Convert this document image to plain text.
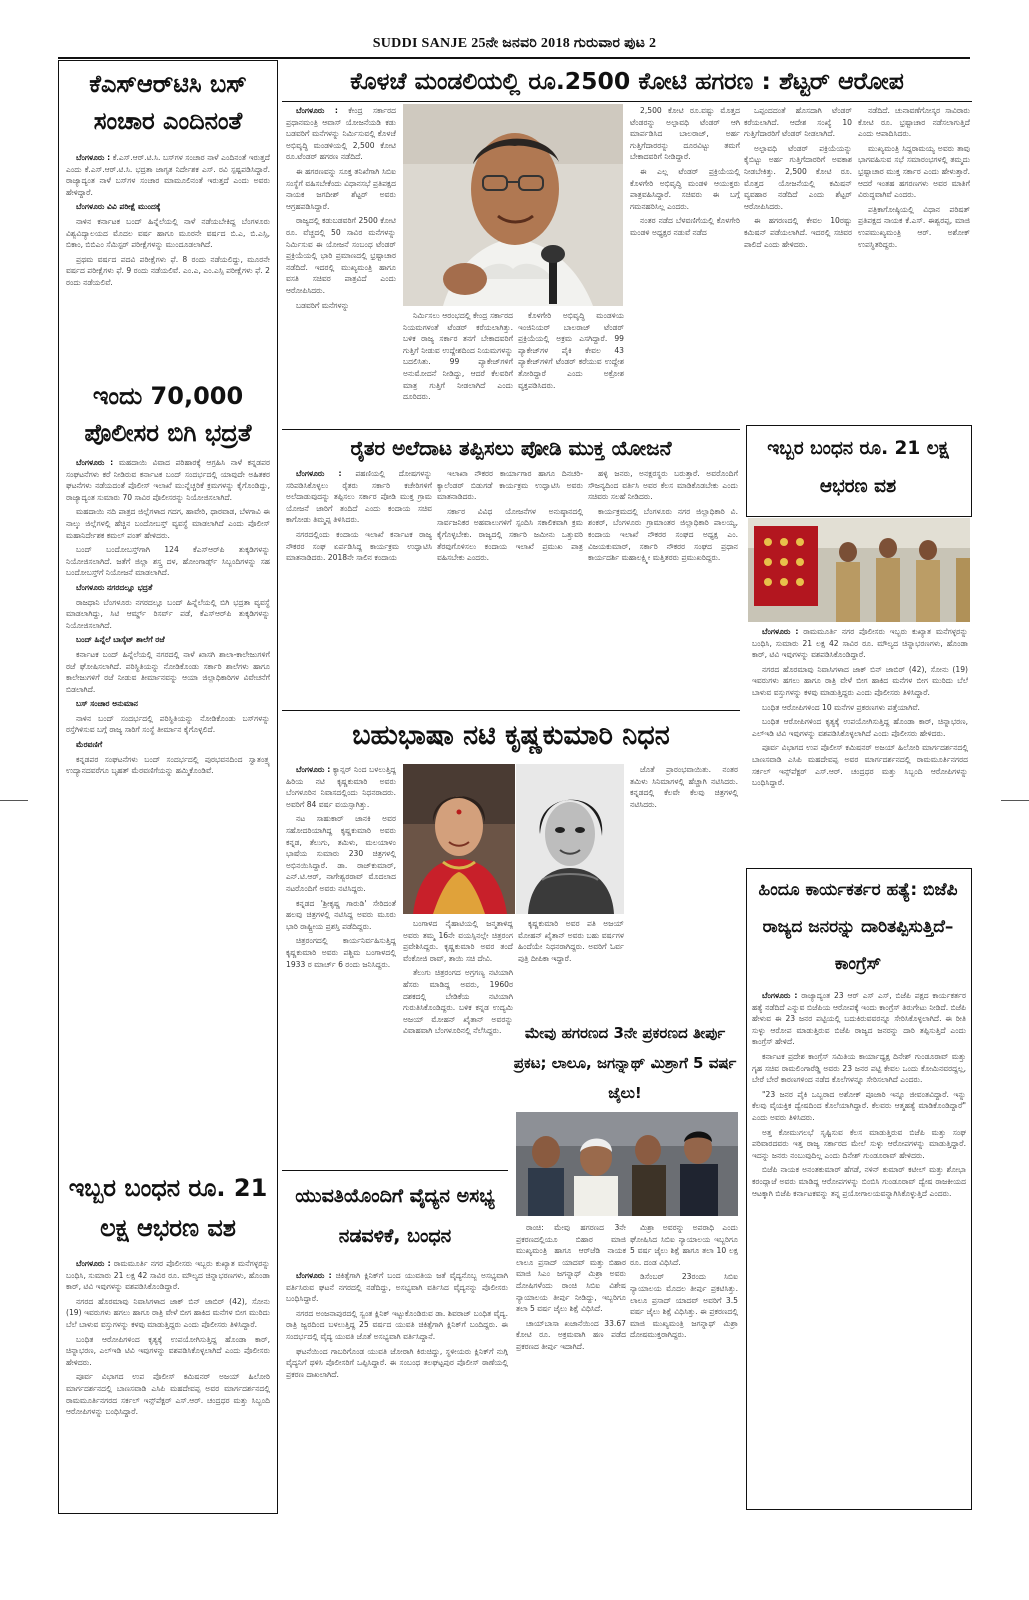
SUDDI SANJE 25ನೇ ಜನವರಿ 2018 ಗುರುವಾರ ಪುಟ 2
ಕೆಎಸ್‌ಆರ್‌ಟಿಸಿ ಬಸ್ ಸಂಚಾರ ಎಂದಿನಂತೆ

ಬೆಂಗಳೂರು : ಕೆ.ಎಸ್.ಆರ್.ಟಿ.ಸಿ. ಬಸ್‌ಗಳ ಸಂಚಾರ ನಾಳೆ ಎಂದಿನಂತೆ ಇರುತ್ತದೆ ಎಂದು ಕೆ.ಎಸ್.ಆರ್.ಟಿ.ಸಿ. ಭದ್ರತಾ ಜಾಗೃತ ನಿರ್ದೇಶಕ ಎಸ್. ರವಿ ಸ್ಪಷ್ಟಪಡಿಸಿದ್ದಾರೆ. ರಾಜ್ಯಾದ್ಯಂತ ನಾಳೆ ಬಸ್‌ಗಳ ಸಂಚಾರ ಮಾಮೂಲಿನಂತೆ ಇರುತ್ತದೆ ಎಂದು ಅವರು ಹೇಳಿದ್ದಾರೆ.

ಬೆಂಗಳೂರು ವಿವಿ ಪರೀಕ್ಷೆ ಮುಂದಕ್ಕೆ

ನಾಳಿನ ಕರ್ನಾಟಕ ಬಂದ್ ಹಿನ್ನೆಲೆಯಲ್ಲಿ ನಾಳೆ ನಡೆಯಬೇಕಿದ್ದ ಬೆಂಗಳೂರು ವಿಶ್ವವಿದ್ಯಾಲಯದ ಮೊದಲ ವರ್ಷ ಹಾಗೂ ಮೂರನೇ ವರ್ಷದ ಬಿ.ಎ, ಬಿ.ಎಸ್ಸಿ, ಬಿಕಾಂ, ಬಿಬಿಎಂ ಸೆಮಿಸ್ಟರ್ ಪರೀಕ್ಷೆಗಳನ್ನು ಮುಂದೂಡಲಾಗಿದೆ.

ಪ್ರಥಮ ವರ್ಷದ ಪದವಿ ಪರೀಕ್ಷೆಗಳು ಫೆ. 8 ರಂದು ನಡೆಯಲಿದ್ದು, ಮೂರನೇ ವರ್ಷದ ಪರೀಕ್ಷೆಗಳು ಫೆ. 9 ರಂದು ನಡೆಯಲಿವೆ. ಎಂ.ಎ, ಎಂ.ಎಸ್ಸಿ ಪರೀಕ್ಷೆಗಳು ಫೆ. 2 ರಂದು ನಡೆಯಲಿವೆ.

ಇಂದು 70,000 ಪೊಲೀಸರ ಬಿಗಿ ಭದ್ರತೆ

ಬೆಂಗಳೂರು : ಮಹದಾಯಿ ವಿವಾದ ಪರಿಹಾರಕ್ಕೆ ಆಗ್ರಹಿಸಿ ನಾಳೆ ಕನ್ನಡಪರ ಸಂಘಟನೆಗಳು ಕರೆ ನೀಡಿರುವ ಕರ್ನಾಟಕ ಬಂದ್ ಸಂದರ್ಭದಲ್ಲಿ ಯಾವುದೇ ಅಹಿತಕರ ಘಟನೆಗಳು ನಡೆಯದಂತೆ ಪೊಲೀಸ್ ಇಲಾಖೆ ಮುನ್ನೆಚ್ಚರಿಕೆ ಕ್ರಮಗಳನ್ನು ಕೈಗೊಂಡಿದ್ದು, ರಾಜ್ಯಾದ್ಯಂತ ಸುಮಾರು 70 ಸಾವಿರ ಪೊಲೀಸರನ್ನು ನಿಯೋಜಿಸಲಾಗಿದೆ.

ಮಹದಾಯಿ ನದಿ ಪಾತ್ರದ ಜಿಲ್ಲೆಗಳಾದ ಗದಗ, ಹಾವೇರಿ, ಧಾರವಾಡ, ಬೆಳಗಾವಿ ಈ ನಾಲ್ಕು ಜಿಲ್ಲೆಗಳಲ್ಲಿ ಹೆಚ್ಚಿನ ಬಂದೋಬಸ್ತ್ ವ್ಯವಸ್ಥೆ ಮಾಡಲಾಗಿದೆ ಎಂದು ಪೊಲೀಸ್ ಮಹಾನಿರ್ದೇಶಕ ಕಮಲ್ ಪಂತ್ ಹೇಳಿದರು.

ಬಂದ್ ಬಂದೋಬಸ್ತ್‌ಗಾಗಿ 124 ಕೆಎಸ್‌ಆರ್‌ಪಿ ತುಕ್ಕಡಿಗಳನ್ನು ನಿಯೋಜಿಸಲಾಗಿದೆ. ಜತೆಗೆ ಜಿಲ್ಲಾ ಶಸ್ತ್ರ ದಳ, ಹೋಂಗಾರ್ಡ್ಸ್ ಸಿಬ್ಬಂದಿಗಳನ್ನು ಸಹ ಬಂದೋಬಸ್ತ್‌ಗೆ ನಿಯೋಜನೆ ಮಾಡಲಾಗಿದೆ.

ಬೆಂಗಳೂರು ನಗರದಲ್ಲೂ ಭದ್ರತೆ

ರಾಜಧಾನಿ ಬೆಂಗಳೂರು ನಗರದಲ್ಲೂ ಬಂದ್ ಹಿನ್ನೆಲೆಯಲ್ಲಿ ಬಿಗಿ ಭದ್ರತಾ ವ್ಯವಸ್ಥೆ ಮಾಡಲಾಗಿದ್ದು, ಸಿಟಿ ಆರ್ಮ್ಡ್ ರಿಸರ್ವ್ ಪಡೆ, ಕೆಎಸ್‌ಆರ್‌ಪಿ ತುಕ್ಕಡಿಗಳನ್ನು ನಿಯೋಜಿಸಲಾಗಿದೆ.

ಬಂದ್ ಹಿನ್ನೆಲೆ ಬಾಸ್ಕೆಟ್ ಶಾಲೆಗೆ ರಜೆ

ಕರ್ನಾಟಕ ಬಂದ್ ಹಿನ್ನೆಲೆಯಲ್ಲಿ ನಗರದಲ್ಲಿ ನಾಳೆ ಖಾಸಗಿ ಶಾಲಾ-ಕಾಲೇಜುಗಳಿಗೆ ರಜೆ ಘೋಷಿಸಲಾಗಿದೆ. ಪರಿಸ್ಥಿತಿಯನ್ನು ನೋಡಿಕೊಂಡು ಸರ್ಕಾರಿ ಶಾಲೆಗಳು ಹಾಗೂ ಕಾಲೇಜುಗಳಿಗೆ ರಜೆ ನೀಡುವ ತೀರ್ಮಾನವನ್ನು ಆಯಾ ಜಿಲ್ಲಾಧಿಕಾರಿಗಳ ವಿವೇಚನೆಗೆ ಬಿಡಲಾಗಿದೆ.

ಬಸ್ ಸಂಚಾರ ಅನುಮಾನ

ನಾಳಿನ ಬಂದ್ ಸಂದರ್ಭದಲ್ಲಿ ಪರಿಸ್ಥಿತಿಯನ್ನು ನೋಡಿಕೊಂಡು ಬಸ್‌ಗಳನ್ನು ರಸ್ತೆಗಿಳಿಸುವ ಬಗ್ಗೆ ರಾಜ್ಯ ಸಾರಿಗೆ ಸಂಸ್ಥೆ ತೀರ್ಮಾನ ಕೈಗೊಳ್ಳಲಿದೆ.

ಮೆರವಣಿಗೆ

ಕನ್ನಡಪರ ಸಂಘಟನೆಗಳು ಬಂದ್ ಸಂದರ್ಭದಲ್ಲಿ ಪುರಭವನದಿಂದ ಸ್ವಾತಂತ್ರ್ಯ ಉದ್ಯಾನದವರೆಗೂ ಬೃಹತ್ ಮೆರವಣಿಗೆಯನ್ನು ಹಮ್ಮಿಕೊಂಡಿವೆ.

ಇಬ್ಬರ ಬಂಧನ ರೂ. 21 ಲಕ್ಷ ಆಭರಣ ವಶ

ಬೆಂಗಳೂರು : ರಾಮಮೂರ್ತಿ ನಗರ ಪೊಲೀಸರು ಇಬ್ಬರು ಕುಖ್ಯಾತ ಮನೆಗಳ್ಳರನ್ನು ಬಂಧಿಸಿ, ಸುಮಾರು 21 ಲಕ್ಷ 42 ಸಾವಿರ ರೂ. ಮೌಲ್ಯದ ಚಿನ್ನಾಭರಣಗಳು, ಹೊಂಡಾ ಕಾರ್, ಟಿವಿ ಇವುಗಳನ್ನು ವಶಪಡಿಸಿಕೊಂಡಿದ್ದಾರೆ.

ನಗರದ ಹೊರಮಾವು ನಿವಾಸಿಗಳಾದ ಜಾಕ್ ಬಿನ್ ಜಾಬಿರ್ (42), ಸೋನು (19) ಇವರುಗಳು ಹಗಲು ಹಾಗೂ ರಾತ್ರಿ ವೇಳೆ ಬೀಗ ಹಾಕಿದ ಮನೆಗಳ ಬೀಗ ಮುರಿದು ಬೆಲೆ ಬಾಳುವ ವಸ್ತುಗಳನ್ನು ಕಳವು ಮಾಡುತ್ತಿದ್ದರು ಎಂದು ಪೊಲೀಸರು ತಿಳಿಸಿದ್ದಾರೆ.

ಬಂಧಿತ ಆರೋಪಿಗಳಿಂದ ಕೃತ್ಯಕ್ಕೆ ಉಪಯೋಗಿಸುತ್ತಿದ್ದ ಹೊಂಡಾ ಕಾರ್, ಚಿನ್ನಾಭರಣ, ಎಲ್‌ಇಡಿ ಟಿವಿ ಇವುಗಳನ್ನು ವಶಪಡಿಸಿಕೊಳ್ಳಲಾಗಿದೆ ಎಂದು ಪೊಲೀಸರು ಹೇಳಿದರು.

ಪೂರ್ವ ವಿಭಾಗದ ಉಪ ಪೊಲೀಸ್ ಕಮಿಷನರ್ ಅಜಯ್ ಹಿಲೋರಿ ಮಾರ್ಗದರ್ಶನದಲ್ಲಿ ಬಾಣಸವಾಡಿ ಎಸಿಪಿ ಮಹದೇವಪ್ಪ ಅವರ ಮಾರ್ಗದರ್ಶನದಲ್ಲಿ ರಾಮಮೂರ್ತಿನಗರದ ಸರ್ಕಲ್ ಇನ್ಸ್‌ಪೆಕ್ಟರ್ ಎಸ್.ಆರ್. ಚಂದ್ರಧರ ಮತ್ತು ಸಿಬ್ಬಂದಿ ಆರೋಪಿಗಳನ್ನು ಬಂಧಿಸಿದ್ದಾರೆ.

ಕೊಳಚೆ ಮಂಡಲಿಯಲ್ಲಿ ರೂ.2500 ಕೋಟಿ ಹಗರಣ : ಶೆಟ್ಟರ್ ಆರೋಪ

ಬೆಂಗಳೂರು : ಕೇಂದ್ರ ಸರ್ಕಾರದ ಪ್ರಧಾನಮಂತ್ರಿ ಆವಾಸ್ ಯೋಜನೆಯಡಿ ಕಡು ಬಡವರಿಗೆ ಮನೆಗಳನ್ನು ನಿರ್ಮಿಸುವಲ್ಲಿ ಕೊಳಚೆ ಅಭಿವೃದ್ಧಿ ಮಂಡಳಿಯಲ್ಲಿ 2,500 ಕೋಟಿ ರೂ.ಟೆಂಡರ್ ಹಗರಣ ನಡೆದಿದೆ.

ಈ ಹಗರಣವನ್ನು ಸೂಕ್ತ ತನಿಖೆಗಾಗಿ ಸಿಬಿಐ ಸಂಸ್ಥೆಗೆ ವಹಿಸಬೇಕೆಂದು ವಿಧಾನಸಭೆ ಪ್ರತಿಪಕ್ಷದ ನಾಯಕ ಜಗದೀಶ್ ಶೆಟ್ಟರ್ ಅವರು ಆಗ್ರಹಪಡಿಸಿದ್ದಾರೆ.

ರಾಜ್ಯದಲ್ಲಿ ಕಡುಬಡವರಿಗೆ 2500 ಕೋಟಿ ರೂ. ವೆಚ್ಚದಲ್ಲಿ 50 ಸಾವಿರ ಮನೆಗಳನ್ನು ನಿರ್ಮಿಸುವ ಈ ಯೋಜನೆ ಸಂಬಂಧ ಟೆಂಡರ್ ಪ್ರಕ್ರಿಯೆಯಲ್ಲಿ ಭಾರಿ ಪ್ರಮಾಣದಲ್ಲಿ ಭ್ರಷ್ಟಾಚಾರ ನಡೆದಿದೆ. ಇದರಲ್ಲಿ ಮುಖ್ಯಮಂತ್ರಿ ಹಾಗೂ ವಸತಿ ಸಚಿವರ ಪಾತ್ರವಿದೆ ಎಂದು ಆರೋಪಿಸಿದರು.

ಬಡವರಿಗೆ ಮನೆಗಳನ್ನು

ನಿರ್ಮಿಸಲು ಆರಂಭದಲ್ಲಿ ಕೇಂದ್ರ ಸರ್ಕಾರದ ನಿಯಮಗಳಂತೆ ಟೆಂಡರ್ ಕರೆಯಲಾಗಿತ್ತು. ಬಳಿಕ ರಾಜ್ಯ ಸರ್ಕಾರ ತನಗೆ ಬೇಕಾದವರಿಗೆ ಗುತ್ತಿಗೆ ನೀಡುವ ಉದ್ದೇಶದಿಂದ ನಿಯಮಗಳನ್ನು ಬದಲಿಸಿತು. 99 ಪ್ಯಾಕೇಜ್‌ಗಳಿಗೆ ಅನುಮೋದನೆ ನೀಡಿದ್ದು, ಆದರೆ ಕೆಲವರಿಗೆ ಮಾತ್ರ ಗುತ್ತಿಗೆ ನೀಡಲಾಗಿದೆ ಎಂದು ದೂರಿದರು.

ಕೊಳಗೇರಿ ಅಭಿವೃದ್ಧಿ ಮಂಡಳಿಯ ಇಂಜಿನಿಯರ್ ಬಾಲರಾಜ್ ಟೆಂಡರ್ ಪ್ರಕ್ರಿಯೆಯಲ್ಲಿ ಅಕ್ರಮ ಎಸಗಿದ್ದಾರೆ. 99 ಪ್ಯಾಕೇಜ್‌ಗಳ ಪೈಕಿ ಕೇವಲ 43 ಪ್ಯಾಕೇಜ್‌ಗಳಿಗೆ ಟೆಂಡರ್ ಕರೆಯುವ ಉದ್ದೇಶ ತೋರಿದ್ದಾರೆ ಎಂದು ಅಕ್ರೋಶ ವ್ಯಕ್ತಪಡಿಸಿದರು.

2,500 ಕೋಟಿ ರೂ.ವಷ್ಟು ಮೊತ್ತದ ಟೆಂಡರನ್ನು ಅಲ್ಪಾವಧಿ ಟೆಂಡರ್ ಆಗಿ ಮಾರ್ಪಡಿಸಿದ ಬಾಲರಾಜ್, ಅರ್ಹ ಗುತ್ತಿಗೆದಾರರನ್ನು ದೂರವಿಟ್ಟು ತಮಗೆ ಬೇಕಾದವರಿಗೆ ನೀಡಿದ್ದಾರೆ.

ಈ ಎಲ್ಲ ಟೆಂಡರ್ ಪ್ರಕ್ರಿಯೆಯಲ್ಲಿ ಕೊಳಗೇರಿ ಅಭಿವೃದ್ಧಿ ಮಂಡಳಿ ಆಯುಕ್ತರು ಪಾತ್ರವಹಿಸಿದ್ದಾರೆ. ಸಚಿವರು ಈ ಬಗ್ಗೆ ಗಮನಹರಿಸಿಲ್ಲ ಎಂದರು.

ನಂತರ ನಡೆದ ಬೆಳವಣಿಗೆಯಲ್ಲಿ ಕೊಳಗೇರಿ ಮಂಡಳಿ ಅಧ್ಯಕ್ಷರ ನಡುವೆ ನಡೆದ

ಒಪ್ಪಂದದಂತೆ ಹೊಸದಾಗಿ ಟೆಂಡರ್ ಕರೆಯಲಾಗಿದೆ. ಆದೇಶ ಸಂಖ್ಯೆ 10 ಗುತ್ತಿಗೆದಾರರಿಗೆ ಟೆಂಡರ್ ನೀಡಲಾಗಿದೆ.

ಅಲ್ಪಾವಧಿ ಟೆಂಡರ್ ಪಕ್ರಿಯೆಯನ್ನು ಕೈಬಿಟ್ಟು ಅರ್ಹ ಗುತ್ತಿಗೆದಾರರಿಗೆ ಅವಕಾಶ ನೀಡಬೇಕಿತ್ತು. 2,500 ಕೋಟಿ ರೂ. ಮೊತ್ತದ ಯೋಜನೆಯಲ್ಲಿ ಕಮಿಷನ್ ವ್ಯವಹಾರ ನಡೆದಿದೆ ಎಂದು ಶೆಟ್ಟರ್ ಆರೋಪಿಸಿದರು.

ಈ ಹಗರಣದಲ್ಲಿ ಕೇವಲ 10ರಷ್ಟು ಕಮಿಷನ್ ಪಡೆಯಲಾಗಿದೆ. ಇದರಲ್ಲಿ ಸಚಿವರ ಪಾಲಿದೆ ಎಂದು ಹೇಳಿದರು.

ನಡೆದಿದೆ. ಚುನಾವಣೆಗೋಸ್ಕರ ಸಾವಿರಾರು ಕೋಟಿ ರೂ. ಭ್ರಷ್ಟಾಚಾರ ನಡೆಸಲಾಗುತ್ತಿದೆ ಎಂದು ಆಪಾದಿಸಿದರು.

ಮುಖ್ಯಮಂತ್ರಿ ಸಿದ್ದರಾಮಯ್ಯ ಅವರು ತಾವು ಭಾಗವಹಿಸುವ ಸಭೆ ಸಮಾರಂಭಗಳಲ್ಲಿ ತಮ್ಮದು ಭ್ರಷ್ಟಾಚಾರ ಮುಕ್ತ ಸರ್ಕಾರ ಎಂದು ಹೇಳುತ್ತಾರೆ. ಆದರೆ ಇಂತಹ ಹಗರಣಗಳು ಅವರ ಮಾತಿಗೆ ವಿರುದ್ಧವಾಗಿವೆ ಎಂದರು.

ಪತ್ರಿಕಾಗೋಷ್ಠಿಯಲ್ಲಿ ವಿಧಾನ ಪರಿಷತ್ ಪ್ರತಿಪಕ್ಷದ ನಾಯಕ ಕೆ.ಎಸ್. ಈಶ್ವರಪ್ಪ, ಮಾಜಿ ಉಪಮುಖ್ಯಮಂತ್ರಿ ಆರ್. ಅಶೋಕ್ ಉಪಸ್ಥಿತರಿದ್ದರು.

ರೈತರ ಅಲೆದಾಟ ತಪ್ಪಿಸಲು ಪೋಡಿ ಮುಕ್ತ ಯೋಜನೆ

ಬೆಂಗಳೂರು : ಪಹಣಿಯಲ್ಲಿ ದೋಷಗಳನ್ನು ಸರಿಪಡಿಸಿಕೊಳ್ಳಲು ರೈತರು ಸರ್ಕಾರಿ ಕಚೇರಿಗಳಿಗೆ ಅಲೆದಾಡುವುದನ್ನು ತಪ್ಪಿಸಲು ಸರ್ಕಾರ ಪೋಡಿ ಮುಕ್ತ ಗ್ರಾಮ ಯೋಜನೆ ಜಾರಿಗೆ ತಂದಿದೆ ಎಂದು ಕಂದಾಯ ಸಚಿವ ಕಾಗೋಡು ತಿಮ್ಮಪ್ಪ ತಿಳಿಸಿದರು.

ನಗರದಲ್ಲಿಂದು ಕಂದಾಯ ಇಲಾಖೆ ಕರ್ನಾಟಕ ರಾಜ್ಯ ನೌಕರರ ಸಂಘ ಏರ್ಪಡಿಸಿದ್ದ ಕಾರ್ಯಕ್ರಮ ಉದ್ಘಾಟಿಸಿ ಮಾತನಾಡಿದರು. 2018ನೇ ಸಾಲಿನ ಕಂದಾಯ

ಇಲಾಖಾ ನೌಕರರ ಕಾರ್ಯಾಗಾರ ಹಾಗೂ ದಿನಚರಿ-ಕ್ಯಾಲೆಂಡರ್ ಬಿಡುಗಡೆ ಕಾರ್ಯಕ್ರಮ ಉದ್ಘಾಟಿಸಿ ಅವರು ಮಾತನಾಡಿದರು.

ಸರ್ಕಾರ ವಿವಿಧ ಯೋಜನೆಗಳ ಅನುಷ್ಠಾನದಲ್ಲಿ ಸಾರ್ವಜನಿಕರ ಅಹವಾಲುಗಳಿಗೆ ಸ್ಪಂದಿಸಿ ಸಕಾಲಿಕವಾಗಿ ಕ್ರಮ ಕೈಗೊಳ್ಳಬೇಕು. ರಾಜ್ಯದಲ್ಲಿ ಸರ್ಕಾರಿ ಜಮೀನು ಒತ್ತುವರಿ ತೆರವುಗೊಳಿಸಲು ಕಂದಾಯ ಇಲಾಖೆ ಪ್ರಮುಖ ಪಾತ್ರ ವಹಿಸಬೇಕು ಎಂದರು.

ಹಳ್ಳಿ ಜನರು, ಅನಕ್ಷರಸ್ಥರು ಬರುತ್ತಾರೆ. ಅವರೊಂದಿಗೆ ಸೌಜನ್ಯದಿಂದ ವರ್ತಿಸಿ ಅವರ ಕೆಲಸ ಮಾಡಿಕೊಡಬೇಕು ಎಂದು ಸಚಿವರು ಸಲಹೆ ನೀಡಿದರು.

ಕಾರ್ಯಕ್ರಮದಲ್ಲಿ ಬೆಂಗಳೂರು ನಗರ ಜಿಲ್ಲಾಧಿಕಾರಿ ವಿ. ಶಂಕರ್, ಬೆಂಗಳೂರು ಗ್ರಾಮಾಂತರ ಜಿಲ್ಲಾಧಿಕಾರಿ ಪಾಲಯ್ಯ, ಕಂದಾಯ ಇಲಾಖೆ ನೌಕರರ ಸಂಘದ ಅಧ್ಯಕ್ಷ ಎಂ. ವಿಜಯಕುಮಾರ್, ಸರ್ಕಾರಿ ನೌಕರರ ಸಂಘದ ಪ್ರಧಾನ ಕಾರ್ಯದರ್ಶಿ ಮಹಾಲಕ್ಷ್ಮೀ ಮತ್ತಿತರರು ಪ್ರಮುಖರಿದ್ದರು.

ಬಹುಭಾಷಾ ನಟಿ ಕೃಷ್ಣಕುಮಾರಿ ನಿಧನ

ಬೆಂಗಳೂರು : ಕ್ಯಾನ್ಸರ್ ನಿಂದ ಬಳಲುತ್ತಿದ್ದ ಹಿರಿಯ ನಟಿ ಕೃಷ್ಣಕುಮಾರಿ ಅವರು ಬೆಂಗಳೂರಿನ ನಿವಾಸದಲ್ಲಿಂದು ನಿಧನರಾದರು. ಅವರಿಗೆ 84 ವರ್ಷ ವಯಸ್ಸಾಗಿತ್ತು.

ನಟ ಸಾಹುಕಾರ್ ಜಾನಕಿ ಅವರ ಸಹೋದರಿಯಾಗಿದ್ದ ಕೃಷ್ಣಕುಮಾರಿ ಅವರು ಕನ್ನಡ, ತೆಲುಗು, ತಮಿಳು, ಮಲಯಾಳಂ ಭಾಷೆಯ ಸುಮಾರು 230 ಚಿತ್ರಗಳಲ್ಲಿ ಅಭಿನಯಿಸಿದ್ದಾರೆ. ಡಾ. ರಾಜ್‌ಕುಮಾರ್, ಎನ್.ಟಿ.ಆರ್, ನಾಗೇಶ್ವರರಾವ್ ಮೊದಲಾದ ನಟರೊಂದಿಗೆ ಅವರು ನಟಿಸಿದ್ದರು.

ಕನ್ನಡದ 'ಶ್ರೀಕೃಷ್ಣ ಗಾರುಡಿ' ಸೇರಿದಂತೆ ಹಲವು ಚಿತ್ರಗಳಲ್ಲಿ ನಟಿಸಿದ್ದ ಅವರು ಮೂರು ಭಾರಿ ರಾಷ್ಟ್ರೀಯ ಪ್ರಶಸ್ತಿ ಪಡೆದಿದ್ದರು.

ಚಿತ್ರರಂಗದಲ್ಲಿ ಕಾರ್ಯನಿರ್ವಹಿಸುತ್ತಿದ್ದ ಕೃಷ್ಣಕುಮಾರಿ ಅವರು ಪಶ್ಚಿಮ ಬಂಗಾಳದಲ್ಲಿ 1933 ರ ಮಾರ್ಚ್ 6 ರಂದು ಜನಿಸಿದ್ದರು.

ಬಂಗಾಳದ ನೈಹಾಟಿಯಲ್ಲಿ ಜನ್ಮತಾಳಿದ್ದ ಅವರು ತಮ್ಮ 16ನೇ ವಯಸ್ಸಿನಲ್ಲೇ ಚಿತ್ರರಂಗ ಪ್ರವೇಶಿಸಿದ್ದರು. ಕೃಷ್ಣಕುಮಾರಿ ಅವರ ತಂದೆ ವೆಂಕೋಜಿ ರಾವ್, ತಾಯಿ ಸಚಿ ದೇವಿ.

ತೆಲುಗು ಚಿತ್ರರಂಗದ ಅಗ್ರಗಣ್ಯ ನಟಿಯಾಗಿ ಹೆಸರು ಮಾಡಿದ್ದ ಅವರು, 1960ರ ದಶಕದಲ್ಲಿ ಬೇಡಿಕೆಯ ನಟಿಯಾಗಿ ಗುರುತಿಸಿಕೊಂಡಿದ್ದರು. ಬಳಿಕ ಕನ್ನಡ ಉದ್ಯಮಿ ಅಜಯ್ ಮೋಹನ್ ಖೈತಾನ್ ಅವರನ್ನು ವಿವಾಹವಾಗಿ ಬೆಂಗಳೂರಿನಲ್ಲಿ ನೆಲೆಸಿದ್ದರು.

ಕೃಷ್ಣಕುಮಾರಿ ಅವರ ಪತಿ ಅಜಯ್ ಮೋಹನ್ ಖೈತಾನ್ ಅವರು ಬಹು ವರ್ಷಗಳ ಹಿಂದೆಯೇ ನಿಧನರಾಗಿದ್ದರು. ಅವರಿಗೆ ಓರ್ವ ಪುತ್ರಿ ದೀಪಿಕಾ ಇದ್ದಾರೆ.

ಜೊತೆ ಪ್ರಾರಂಭವಾಯಿತು. ನಂತರ ತಮಿಳು ಸಿನಿಮಾಗಳಲ್ಲಿ ಹೆಚ್ಚಾಗಿ ನಟಿಸಿದರು. ಕನ್ನಡದಲ್ಲಿ ಕೆಲವೇ ಕೆಲವು ಚಿತ್ರಗಳಲ್ಲಿ ನಟಿಸಿದರು.

ಮೇವು ಹಗರಣದ 3ನೇ ಪ್ರಕರಣದ ತೀರ್ಪು ಪ್ರಕಟ; ಲಾಲೂ, ಜಗನ್ನಾಥ್ ಮಿಶ್ರಾಗೆ 5 ವರ್ಷ ಜೈಲು!

ರಾಂಚಿ: ಮೇವು ಹಗರಣದ 3ನೇ ಪ್ರಕರಣದಲ್ಲಿಯೂ ಬಿಹಾರ ಮಾಜಿ ಮುಖ್ಯಮಂತ್ರಿ ಹಾಗೂ ಆರ್‌ಜೆಡಿ ನಾಯಕ ಲಾಲೂ ಪ್ರಸಾದ್ ಯಾದವ್ ಮತ್ತು ಬಿಹಾರ ಮಾಜಿ ಸಿಎಂ ಜಗನ್ನಾಥ್ ಮಿಶ್ರಾ ಅವರು ದೋಷಿಗಳೆಂದು ರಾಂಚಿ ಸಿಬಿಐ ವಿಶೇಷ ನ್ಯಾಯಾಲಯ ತೀರ್ಪು ನೀಡಿದ್ದು, ಇಬ್ಬರಿಗೂ ತಲಾ 5 ವರ್ಷ ಜೈಲು ಶಿಕ್ಷೆ ವಿಧಿಸಿದೆ.

ಚಾಯ್‌ಬಾಸಾ ಖಜಾನೆಯಿಂದ 33.67 ಕೋಟಿ ರೂ. ಅಕ್ರಮವಾಗಿ ಹಣ ಪಡೆದ ಪ್ರಕರಣದ ತೀರ್ಪು ಇದಾಗಿದೆ.

ಮಿಶ್ರಾ ಅವರನ್ನು ಅಪರಾಧಿ ಎಂದು ಘೋಷಿಸಿದ ಸಿಬಿಐ ನ್ಯಾಯಾಲಯ ಇಬ್ಬರಿಗೂ 5 ವರ್ಷ ಜೈಲು ಶಿಕ್ಷೆ ಹಾಗೂ ತಲಾ 10 ಲಕ್ಷ ರೂ. ದಂಡ ವಿಧಿಸಿದೆ.

ಡಿಸೆಂಬರ್ 23ರಂದು ಸಿಬಿಐ ನ್ಯಾಯಾಲಯ ಮೊದಲ ತೀರ್ಪು ಪ್ರಕಟಿಸಿತ್ತು. ಲಾಲೂ ಪ್ರಸಾದ್ ಯಾದವ್ ಅವರಿಗೆ 3.5 ವರ್ಷ ಜೈಲು ಶಿಕ್ಷೆ ವಿಧಿಸಿತ್ತು. ಈ ಪ್ರಕರಣದಲ್ಲಿ ಮಾಜಿ ಮುಖ್ಯಮಂತ್ರಿ ಜಗನ್ನಾಥ್ ಮಿಶ್ರಾ ದೋಷಮುಕ್ತರಾಗಿದ್ದರು.

ಯುವತಿಯೊಂದಿಗೆ ವೈದ್ಯನ ಅಸಭ್ಯ ನಡವಳಿಕೆ, ಬಂಧನ

ಬೆಂಗಳೂರು : ಚಿಕಿತ್ಸೆಗಾಗಿ ಕ್ಲಿನಿಕ್‌ಗೆ ಬಂದ ಯುವತಿಯ ಜತೆ ವೈದ್ಯನೊಬ್ಬ ಅಸಭ್ಯವಾಗಿ ವರ್ತಿಸಿರುವ ಘಟನೆ ನಗರದಲ್ಲಿ ನಡೆದಿದ್ದು, ಅಸಭ್ಯವಾಗಿ ವರ್ತಿಸಿದ ವೈದ್ಯನನ್ನು ಪೊಲೀಸರು ಬಂಧಿಸಿದ್ದಾರೆ.

ನಗರದ ಅಂಜನಾಪುರದಲ್ಲಿ ಸ್ವಂತ ಕ್ಲಿನಿಕ್ ಇಟ್ಟುಕೊಂಡಿರುವ ಡಾ. ಶಿವರಾಜ್ ಬಂಧಿತ ವೈದ್ಯ. ರಾತ್ರಿ ಜ್ವರದಿಂದ ಬಳಲುತ್ತಿದ್ದ 25 ವರ್ಷದ ಯುವತಿ ಚಿಕಿತ್ಸೆಗಾಗಿ ಕ್ಲಿನಿಕ್‌ಗೆ ಬಂದಿದ್ದರು. ಈ ಸಂದರ್ಭದಲ್ಲಿ ವೈದ್ಯ ಯುವತಿ ಜೊತೆ ಅಸಭ್ಯವಾಗಿ ವರ್ತಿಸಿದ್ದಾನೆ.

ಘಟನೆಯಿಂದ ಗಾಬರಿಗೊಂಡ ಯುವತಿ ಜೋರಾಗಿ ಕಿರುಚಿದ್ದು, ಸ್ಥಳೀಯರು ಕ್ಲಿನಿಕ್‌ಗೆ ನುಗ್ಗಿ ವೈದ್ಯನಿಗೆ ಥಳಿಸಿ ಪೊಲೀಸರಿಗೆ ಒಪ್ಪಿಸಿದ್ದಾರೆ. ಈ ಸಂಬಂಧ ತಲಘಟ್ಟಪುರ ಪೊಲೀಸ್ ಠಾಣೆಯಲ್ಲಿ ಪ್ರಕರಣ ದಾಖಲಾಗಿದೆ.

ಇಬ್ಬರ ಬಂಧನ ರೂ. 21 ಲಕ್ಷ ಆಭರಣ ವಶ

ಬೆಂಗಳೂರು : ರಾಮಮೂರ್ತಿ ನಗರ ಪೊಲೀಸರು ಇಬ್ಬರು ಕುಖ್ಯಾತ ಮನೆಗಳ್ಳರನ್ನು ಬಂಧಿಸಿ, ಸುಮಾರು 21 ಲಕ್ಷ 42 ಸಾವಿರ ರೂ. ಮೌಲ್ಯದ ಚಿನ್ನಾಭರಣಗಳು, ಹೊಂಡಾ ಕಾರ್, ಟಿವಿ ಇವುಗಳನ್ನು ವಶಪಡಿಸಿಕೊಂಡಿದ್ದಾರೆ.

ನಗರದ ಹೊರಮಾವು ನಿವಾಸಿಗಳಾದ ಜಾಕ್ ಬಿನ್ ಜಾಬಿರ್ (42), ಸೋನು (19) ಇವರುಗಳು ಹಗಲು ಹಾಗೂ ರಾತ್ರಿ ವೇಳೆ ಬೀಗ ಹಾಕಿದ ಮನೆಗಳ ಬೀಗ ಮುರಿದು ಬೆಲೆ ಬಾಳುವ ವಸ್ತುಗಳನ್ನು ಕಳವು ಮಾಡುತ್ತಿದ್ದರು ಎಂದು ಪೊಲೀಸರು ತಿಳಿಸಿದ್ದಾರೆ.

ಬಂಧಿತ ಆರೋಪಿಗಳಿಂದ 10 ಮನೆಗಳ ಪ್ರಕರಣಗಳು ಪತ್ತೆಯಾಗಿವೆ.

ಬಂಧಿತ ಆರೋಪಿಗಳಿಂದ ಕೃತ್ಯಕ್ಕೆ ಉಪಯೋಗಿಸುತ್ತಿದ್ದ ಹೊಂಡಾ ಕಾರ್, ಚಿನ್ನಾಭರಣ, ಎಲ್‌ಇಡಿ ಟಿವಿ ಇವುಗಳನ್ನು ವಶಪಡಿಸಿಕೊಳ್ಳಲಾಗಿದೆ ಎಂದು ಪೊಲೀಸರು ಹೇಳಿದರು.

ಪೂರ್ವ ವಿಭಾಗದ ಉಪ ಪೊಲೀಸ್ ಕಮಿಷನರ್ ಅಜಯ್ ಹಿಲೋರಿ ಮಾರ್ಗದರ್ಶನದಲ್ಲಿ ಬಾಣಸವಾಡಿ ಎಸಿಪಿ ಮಹದೇವಪ್ಪ ಅವರ ಮಾರ್ಗದರ್ಶನದಲ್ಲಿ ರಾಮಮೂರ್ತಿನಗರದ ಸರ್ಕಲ್ ಇನ್ಸ್‌ಪೆಕ್ಟರ್ ಎಸ್.ಆರ್. ಚಂದ್ರಧರ ಮತ್ತು ಸಿಬ್ಬಂದಿ ಆರೋಪಿಗಳನ್ನು ಬಂಧಿಸಿದ್ದಾರೆ.

ಹಿಂದೂ ಕಾರ್ಯಕರ್ತರ ಹತ್ಯೆ: ಬಿಜೆಪಿ ರಾಜ್ಯದ ಜನರನ್ನು ದಾರಿತಪ್ಪಿಸುತ್ತಿದೆ– ಕಾಂಗ್ರೆಸ್

ಬೆಂಗಳೂರು : ರಾಜ್ಯಾದ್ಯಂತ 23 ಆರ್ ಎಸ್ ಎಸ್, ಬಿಜೆಪಿ ಪಕ್ಷದ ಕಾರ್ಯಕರ್ತರ ಹತ್ಯೆ ನಡೆದಿದೆ ಎನ್ನುವ ಬಿಜೆಪಿಯ ಆರೋಪಕ್ಕೆ ಇಂದು ಕಾಂಗ್ರೆಸ್ ತಿರುಗೇಟು ನೀಡಿದೆ. ಬಿಜೆಪಿ ಹೇಳುವ ಈ 23 ಜನರ ಪಟ್ಟಿಯಲ್ಲಿ ಬದುಕಿರುವವರನ್ನೂ ಸೇರಿಸಿಕೊಳ್ಳಲಾಗಿದೆ. ಈ ರೀತಿ ಸುಳ್ಳು ಆರೋಪ ಮಾಡುತ್ತಿರುವ ಬಿಜೆಪಿ ರಾಜ್ಯದ ಜನರನ್ನು ದಾರಿ ತಪ್ಪಿಸುತ್ತಿದೆ ಎಂದು ಕಾಂಗ್ರೆಸ್ ಹೇಳಿದೆ.

ಕರ್ನಾಟಕ ಪ್ರದೇಶ ಕಾಂಗ್ರೆಸ್ ಸಮಿತಿಯ ಕಾರ್ಯಾಧ್ಯಕ್ಷ ದಿನೇಶ್ ಗುಂಡೂರಾವ್ ಮತ್ತು ಗೃಹ ಸಚಿವ ರಾಮಲಿಂಗಾರೆಡ್ಡಿ ಅವರು 23 ಜನರ ಪಟ್ಟಿ ಕೇವಲ ಒಂದು ಕೋಮಿನವರದ್ದಲ್ಲ, ಬೇರೆ ಬೇರೆ ಕಾರಣಗಳಿಂದ ನಡೆದ ಕೊಲೆಗಳನ್ನೂ ಸೇರಿಸಲಾಗಿದೆ ಎಂದರು.

"23 ಜನರ ಪೈಕಿ ಒಬ್ಬರಾದ ಅಶೋಕ್ ಪೂಜಾರಿ ಇನ್ನೂ ಜೀವಂತವಿದ್ದಾರೆ. ಇನ್ನು ಕೆಲವು ವೈಯಕ್ತಿಕ ದ್ವೇಷದಿಂದ ಕೊಲೆಯಾಗಿದ್ದಾರೆ. ಕೆಲವರು ಆತ್ಮಹತ್ಯೆ ಮಾಡಿಕೊಂಡಿದ್ದಾರೆ" ಎಂದು ಅವರು ತಿಳಿಸಿದರು.

ಅತ್ತ ಕೋಮುಗಲಭೆ ಸೃಷ್ಟಿಸುವ ಕೆಲಸ ಮಾಡುತ್ತಿರುವ ಬಿಜೆಪಿ ಮತ್ತು ಸಂಘ ಪರಿವಾರದವರು ಇತ್ತ ರಾಜ್ಯ ಸರ್ಕಾರದ ಮೇಲೆ ಸುಳ್ಳು ಆರೋಪಗಳನ್ನು ಮಾಡುತ್ತಿದ್ದಾರೆ. ಇದನ್ನು ಜನರು ನಂಬುವುದಿಲ್ಲ ಎಂದು ದಿನೇಶ್ ಗುಂಡೂರಾವ್ ಹೇಳಿದರು.

ಬಿಜೆಪಿ ನಾಯಕ ಅನಂತಕುಮಾರ್ ಹೆಗಡೆ, ನಳಿನ್ ಕುಮಾರ್ ಕಟೀಲ್ ಮತ್ತು ಶೋಭಾ ಕರಂದ್ಲಾಜೆ ಅವರು ಮಾಡಿದ್ದ ಆರೋಪಗಳನ್ನು ಬಿಂಬಿಸಿ ಗುಂಡೂರಾವ್ ದ್ವೇಷ ರಾಜಕೀಯದ ಆಟಕ್ಕಾಗಿ ಬಿಜೆಪಿ ಕರ್ನಾಟಕವನ್ನು ತನ್ನ ಪ್ರಯೋಗಾಲಯವನ್ನಾಗಿಸಿಕೊಳ್ಳುತ್ತಿದೆ ಎಂದರು.
